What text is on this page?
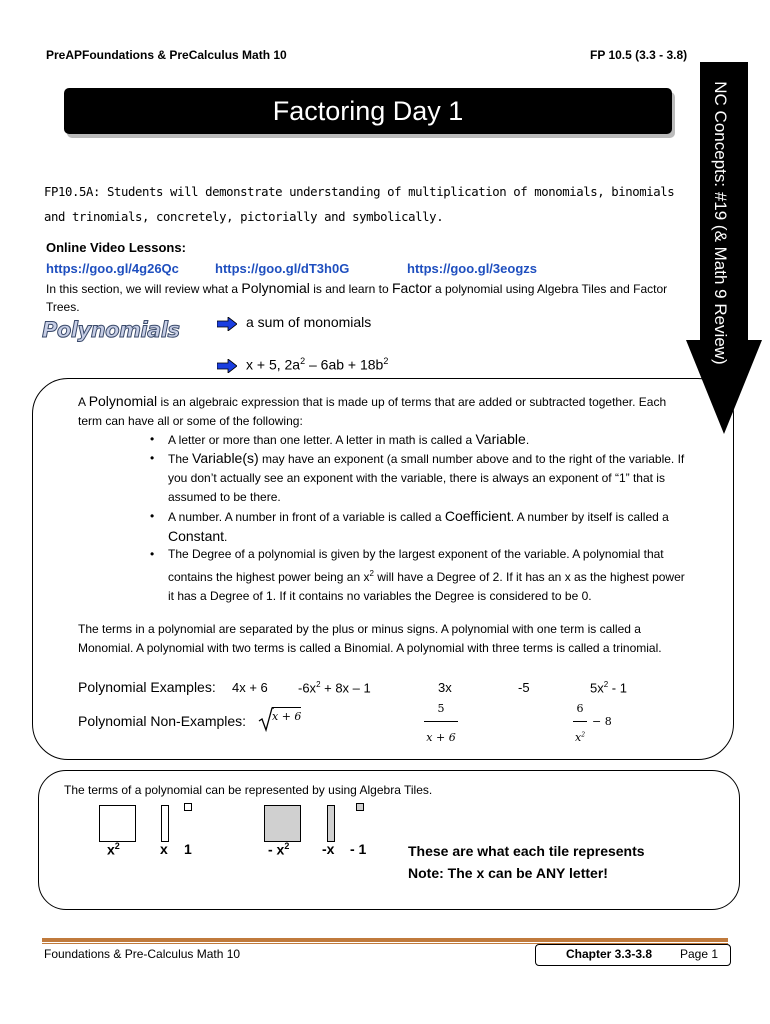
PreAPFoundations & PreCalculus Math 10	FP 10.5 (3.3 - 3.8)
Factoring Day 1	NC Concepts: #19 (& Math 9 Review)
FP10.5A: Students will demonstrate understanding of multiplication of monomials, binomials and trinomials, concretely, pictorially and symbolically.
Online Video Lessons:
https://goo.gl/4g26Qc	https://goo.gl/dT3h0G	https://goo.gl/3eogzs
In this section, we will review what a Polynomial is and learn to Factor a polynomial using Algebra Tiles and Factor Trees.
Polynomials	a sum of monomials
x + 5, $2a^2 - 6ab + 18b^2$
A Polynomial is an algebraic expression that is made up of terms that are added or subtracted together. Each term can have all or some of the following:
• A letter or more than one letter. A letter in math is called a Variable.
• The Variable(s) may have an exponent (a small number above and to the right of the variable. If you don’t actually see an exponent with the variable, there is always an exponent of “1” that is assumed to be there.
• A number. A number in front of a variable is called a Coefficient. A number by itself is called a Constant.
• The Degree of a polynomial is given by the largest exponent of the variable. A polynomial that contains the highest power being an $x^2$ will have a Degree of 2. If it has an x as the highest power it has a Degree of 1. If it contains no variables the Degree is considered to be 0.
The terms in a polynomial are separated by the plus or minus signs. A polynomial with one term is called a Monomial. A polynomial with two terms is called a Binomial. A polynomial with three terms is called a trinomial.
Polynomial Examples: 4x + 6 $-6x^2 + 8x - 1$	3x	-5	$5x^2 - 1$
Polynomial Non-Examples: x + 6
5
x + 6
6
$x^2$
− 8
The terms of a polynomial can be represented by using Algebra Tiles.
$x^2$	x 1	- $x^2$ -x - 1	These are what each tile represents
Note: The x can be ANY letter!
Foundations & Pre-Calculus Math 10	Chapter 3.3-3.8 Page 1
